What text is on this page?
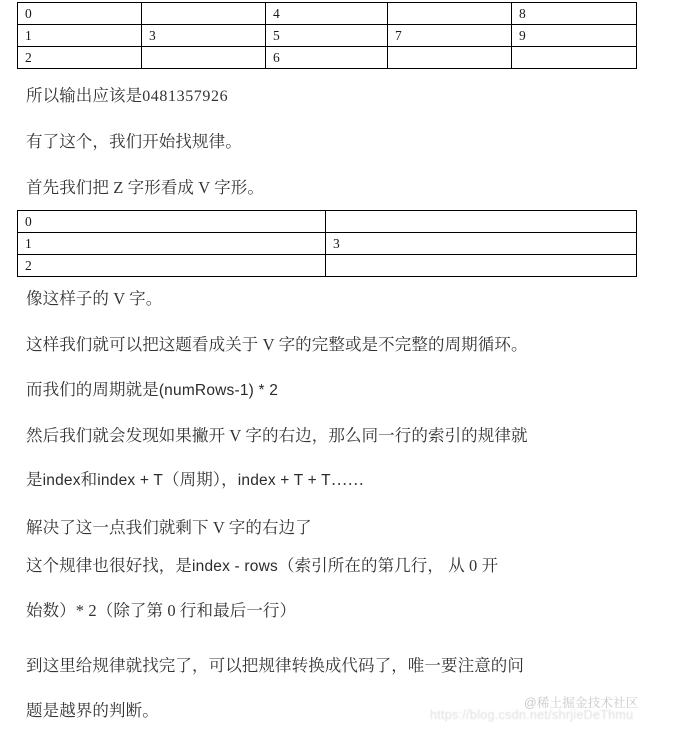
0		4		8
1	3	5	7	9
2		6		

所以输出应该是0481357926

有了这个，我们开始找规律。

首先我们把 Z 字形看成 V 字形。

0	
1	3
2	

像这样子的 V 字。

这样我们就可以把这题看成关于 V 字的完整或是不完整的周期循环。

而我们的周期就是(numRows-1) * 2

然后我们就会发现如果撇开 V 字的右边，那么同一行的索引的规律就

是index和index + T（周期），index + T + T……

解决了这一点我们就剩下 V 字的右边了

这个规律也很好找，是index - rows（索引所在的第几行， 从 0 开

始数）* 2（除了第 0 行和最后一行）

到这里给规律就找完了，可以把规律转换成代码了，唯一要注意的问

题是越界的判断。	@稀土掘金技术社区
https://blog.csdn.net/shrjieDeThmu
